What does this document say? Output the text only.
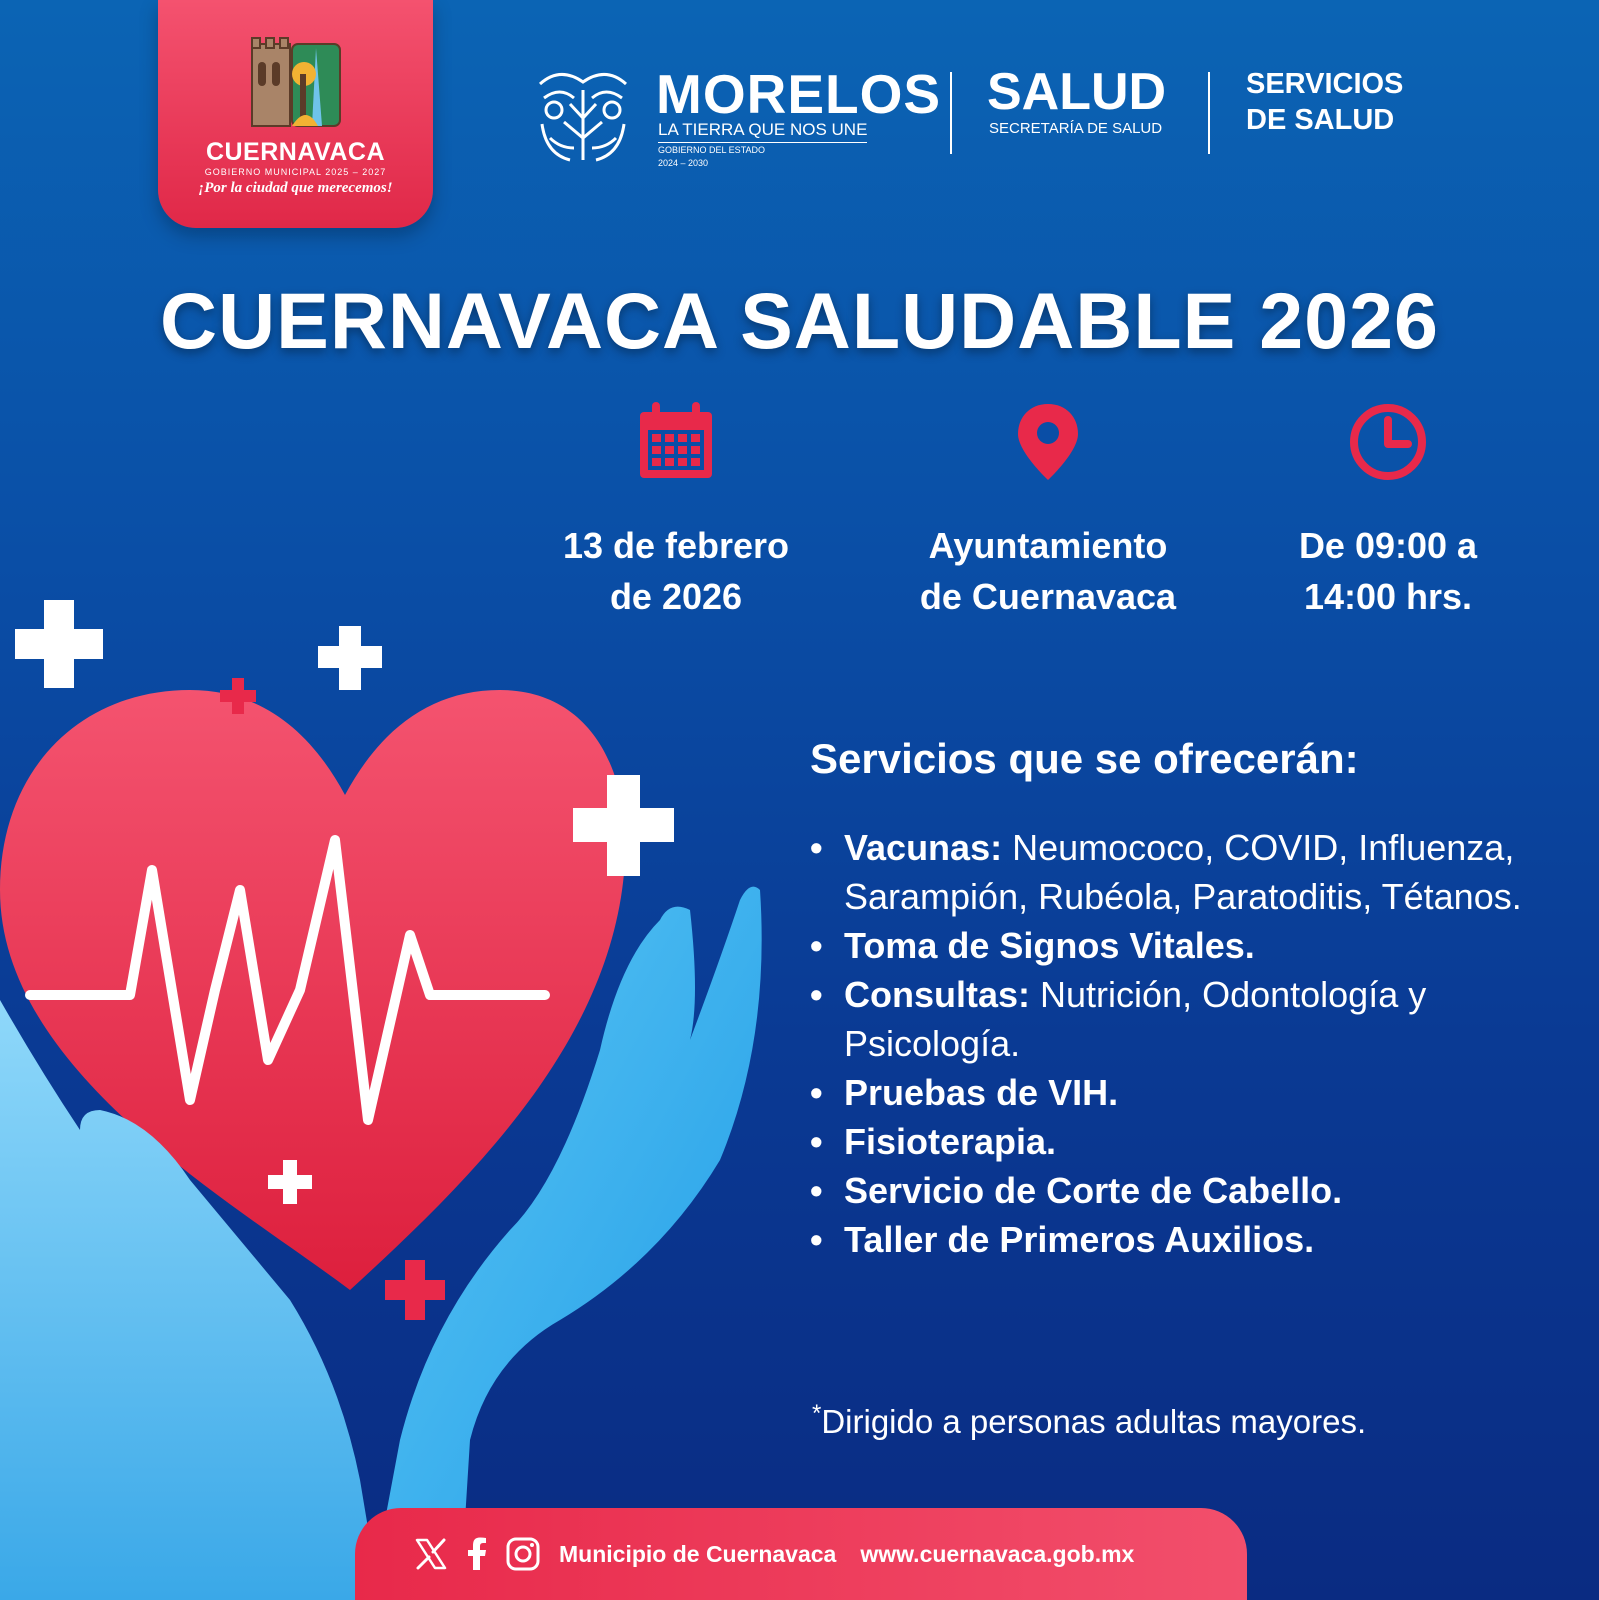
CUERNAVACA
GOBIERNO MUNICIPAL 2025 – 2027
¡Por la ciudad que merecemos!
MORELOS
LA TIERRA QUE NOS UNE
GOBIERNO DEL ESTADO
2024 – 2030
SALUD
SECRETARÍA DE SALUD
SERVICIOS
DE SALUD
CUERNAVACA SALUDABLE 2026
13 de febrero
de 2026
Ayuntamiento
de Cuernavaca
De 09:00 a
14:00 hrs.
Servicios que se ofrecerán:
• Vacunas: Neumococo, COVID, Influenza, Sarampión, Rubéola, Paratoditis, Tétanos.
• Toma de Signos Vitales.
• Consultas: Nutrición, Odontología y Psicología.
• Pruebas de VIH.
• Fisioterapia.
• Servicio de Corte de Cabello.
• Taller de Primeros Auxilios.
*Dirigido a personas adultas mayores.
Municipio de Cuernavaca www.cuernavaca.gob.mx
